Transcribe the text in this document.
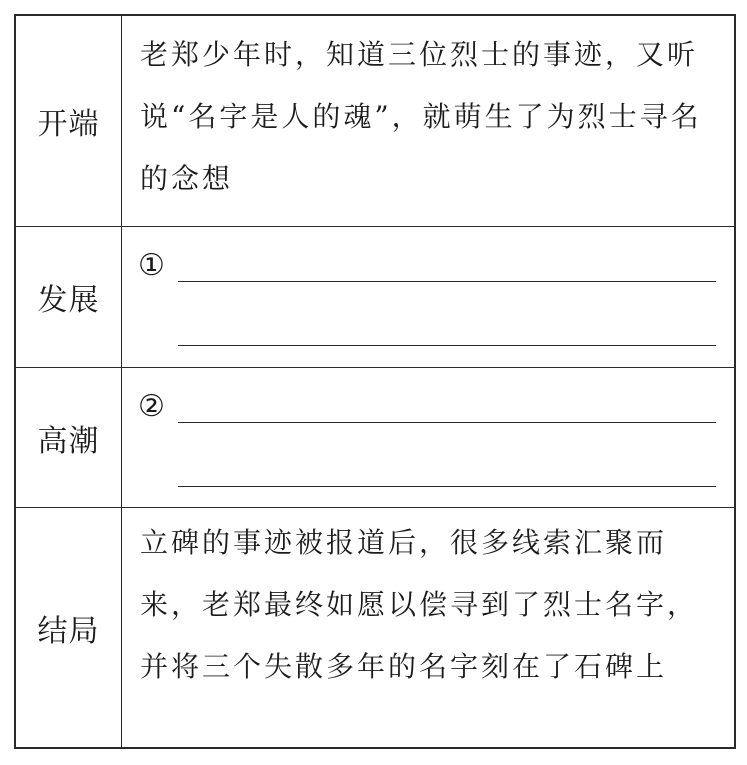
开端
老郑少年时，知道三位烈士的事迹，又听说“名字是人的魂”，就萌生了为烈士寻名的念想
发展
①
高潮
②
结局
立碑的事迹被报道后，很多线索汇聚而来，老郑最终如愿以偿寻到了烈士名字，并将三个失散多年的名字刻在了石碑上
